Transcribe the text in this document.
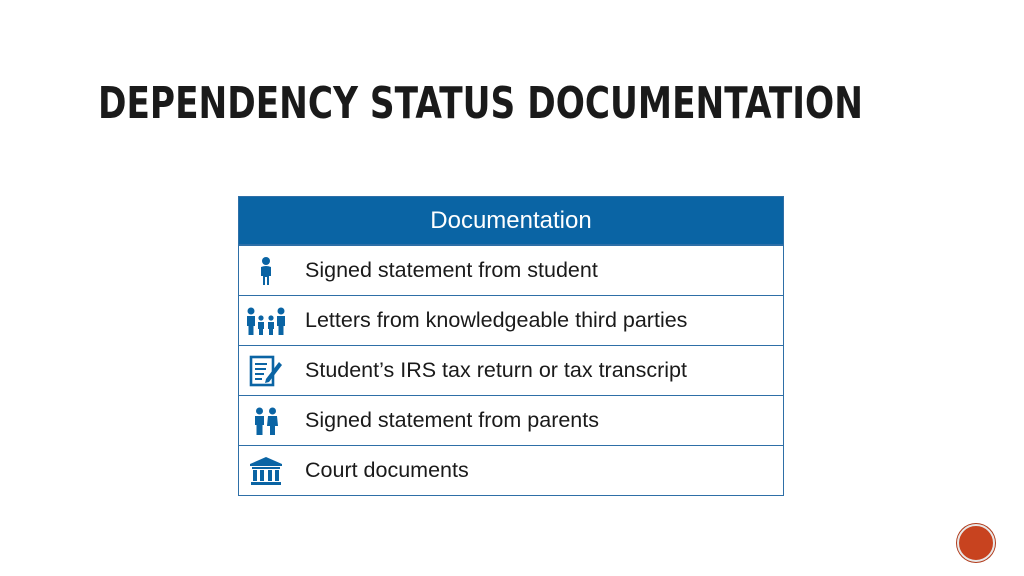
DEPENDENCY STATUS DOCUMENTATION
Documentation
Signed statement from student
Letters from knowledgeable third parties
Student’s IRS tax return or tax transcript
Signed statement from parents
Court documents
